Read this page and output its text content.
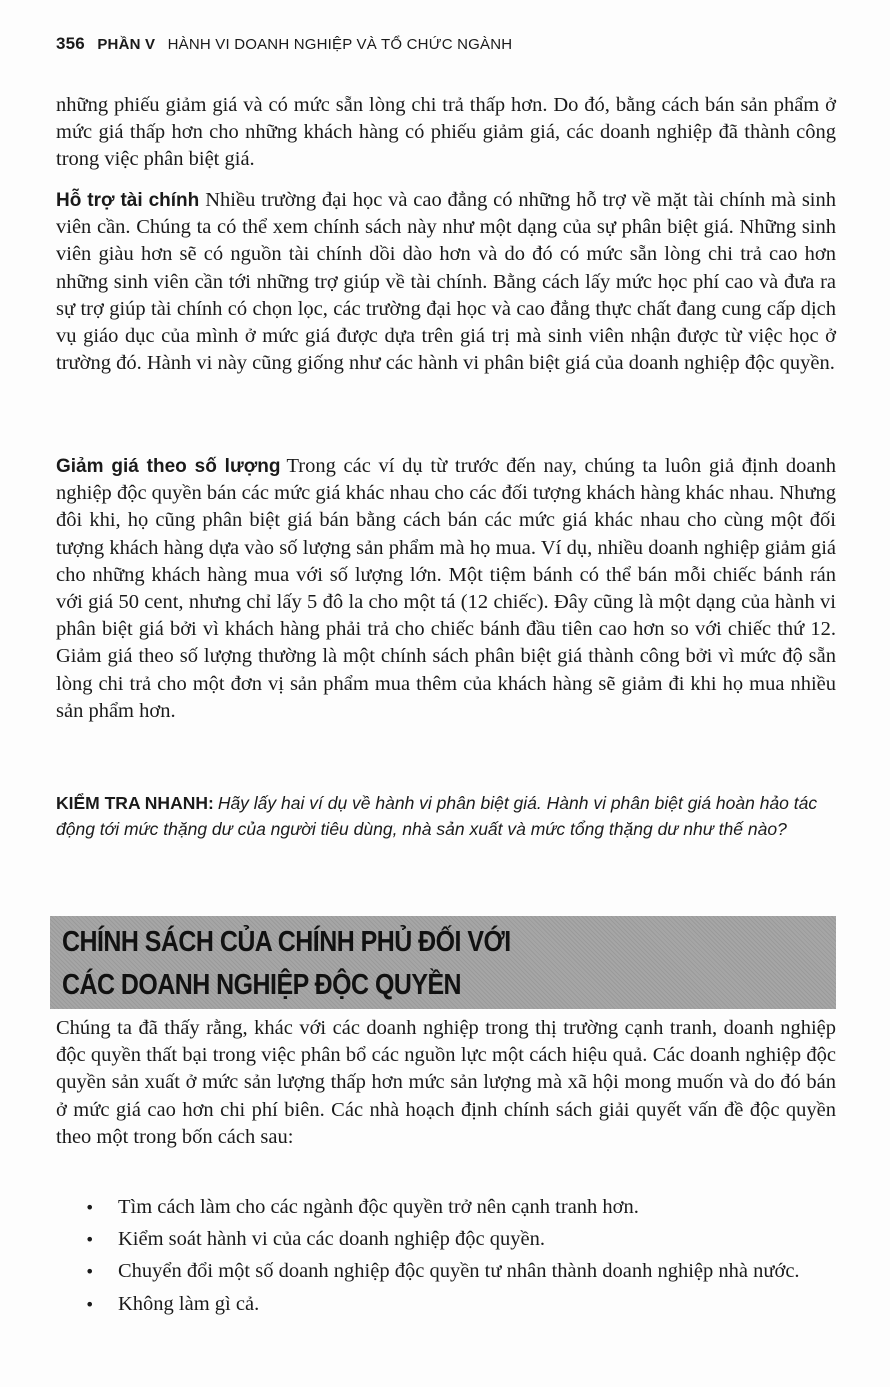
356 PHẦN V HÀNH VI DOANH NGHIỆP VÀ TỔ CHỨC NGÀNH

những phiếu giảm giá và có mức sẵn lòng chi trả thấp hơn. Do đó, bằng cách bán sản phẩm ở mức giá thấp hơn cho những khách hàng có phiếu giảm giá, các doanh nghiệp đã thành công trong việc phân biệt giá.

Hỗ trợ tài chính Nhiều trường đại học và cao đẳng có những hỗ trợ về mặt tài chính mà sinh viên cần. Chúng ta có thể xem chính sách này như một dạng của sự phân biệt giá. Những sinh viên giàu hơn sẽ có nguồn tài chính dồi dào hơn và do đó có mức sẵn lòng chi trả cao hơn những sinh viên cần tới những trợ giúp về tài chính. Bằng cách lấy mức học phí cao và đưa ra sự trợ giúp tài chính có chọn lọc, các trường đại học và cao đẳng thực chất đang cung cấp dịch vụ giáo dục của mình ở mức giá được dựa trên giá trị mà sinh viên nhận được từ việc học ở trường đó. Hành vi này cũng giống như các hành vi phân biệt giá của doanh nghiệp độc quyền.

Giảm giá theo số lượng Trong các ví dụ từ trước đến nay, chúng ta luôn giả định doanh nghiệp độc quyền bán các mức giá khác nhau cho các đối tượng khách hàng khác nhau. Nhưng đôi khi, họ cũng phân biệt giá bán bằng cách bán các mức giá khác nhau cho cùng một đối tượng khách hàng dựa vào số lượng sản phẩm mà họ mua. Ví dụ, nhiều doanh nghiệp giảm giá cho những khách hàng mua với số lượng lớn. Một tiệm bánh có thể bán mỗi chiếc bánh rán với giá 50 cent, nhưng chỉ lấy 5 đô la cho một tá (12 chiếc). Đây cũng là một dạng của hành vi phân biệt giá bởi vì khách hàng phải trả cho chiếc bánh đầu tiên cao hơn so với chiếc thứ 12. Giảm giá theo số lượng thường là một chính sách phân biệt giá thành công bởi vì mức độ sẵn lòng chi trả cho một đơn vị sản phẩm mua thêm của khách hàng sẽ giảm đi khi họ mua nhiều sản phẩm hơn.

KIỂM TRA NHANH: Hãy lấy hai ví dụ về hành vi phân biệt giá. Hành vi phân biệt giá hoàn hảo tác động tới mức thặng dư của người tiêu dùng, nhà sản xuất và mức tổng thặng dư như thế nào?

CHÍNH SÁCH CỦA CHÍNH PHỦ ĐỐI VỚI
CÁC DOANH NGHIỆP ĐỘC QUYỀN

Chúng ta đã thấy rằng, khác với các doanh nghiệp trong thị trường cạnh tranh, doanh nghiệp độc quyền thất bại trong việc phân bổ các nguồn lực một cách hiệu quả. Các doanh nghiệp độc quyền sản xuất ở mức sản lượng thấp hơn mức sản lượng mà xã hội mong muốn và do đó bán ở mức giá cao hơn chi phí biên. Các nhà hoạch định chính sách giải quyết vấn đề độc quyền theo một trong bốn cách sau:

• Tìm cách làm cho các ngành độc quyền trở nên cạnh tranh hơn.
• Kiểm soát hành vi của các doanh nghiệp độc quyền.
• Chuyển đổi một số doanh nghiệp độc quyền tư nhân thành doanh nghiệp nhà nước.
• Không làm gì cả.
